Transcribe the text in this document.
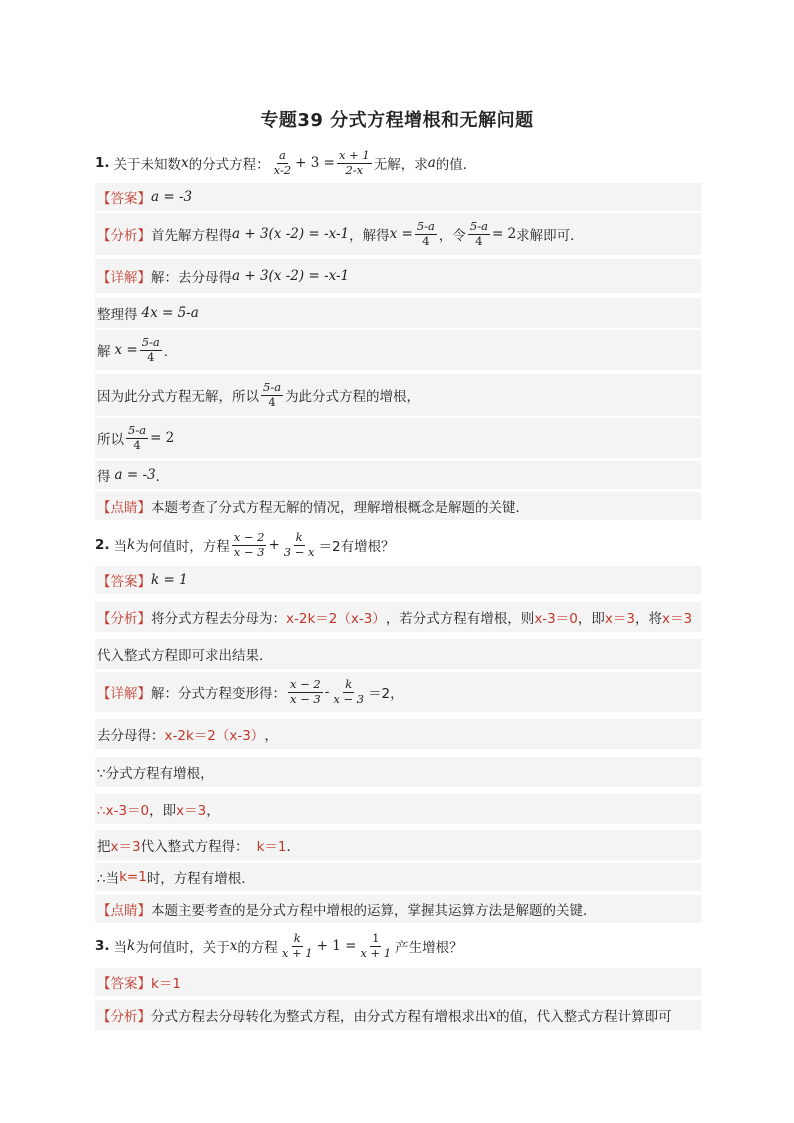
专题39 分式方程增根和无解问题
1. 关于未知数 x 的分式方程：
a
$x-2 + 3 = \frac{x + 1}{2-x}$ 无解，求 a 的值．
【答案】 a = -3
【分析】 首先解方程得 a + 3(x -2) = -x-1 ，解得 $x = \frac{5-a}{4}$ ，令 $\frac{5-a}{4} = 2$ 求解即可．
【详解】 解：去分母得 a + 3(x -2) = -x-1
整理得 4x = 5-a
解 $x = \frac{5-a}{4}$ ．
因为此分式方程无解，所以
5-a
4 为此分式方程的增根，
所以 $\frac{5-a}{4} = 2$
得 a = -3 ．
【点睛】 本题考查了分式方程无解的情况，理解增根概念是解题的关键．
2. 当 k 为何值时，方程
x − 2
$x - 3 + \frac{k}{3 - x} =2$ 有增根？
【答案】 k = 1
【分析】 将分式方程去分母为： x-2k＝2（x-3） ，若分式方程有增根，则 x-3＝0 ，即 x＝3 ，将 x＝3
代入整式方程即可求出结果．
【详解】 解：分式方程变形得：
x − 2
x − 3 - k
x − 3 ＝2，
去分母得： x-2k＝2（x-3） ，
∵分式方程有增根，
∴x-3＝0 ，即 x＝3 ，
把 x＝3 代入整式方程得： k＝1 ．
∴当 k=1 时，方程有增根．
【点睛】 本题主要考查的是分式方程中增根的运算，掌握其运算方法是解题的关键．
3. 当 k 为何值时，关于 x 的方程
k
$x + 1 + 1 = \frac{1}{x + 1}$ 产生增根？
【答案】 k＝1
【分析】 分式方程去分母转化为整式方程，由分式方程有增根求出 x 的值，代入整式方程计算即可
